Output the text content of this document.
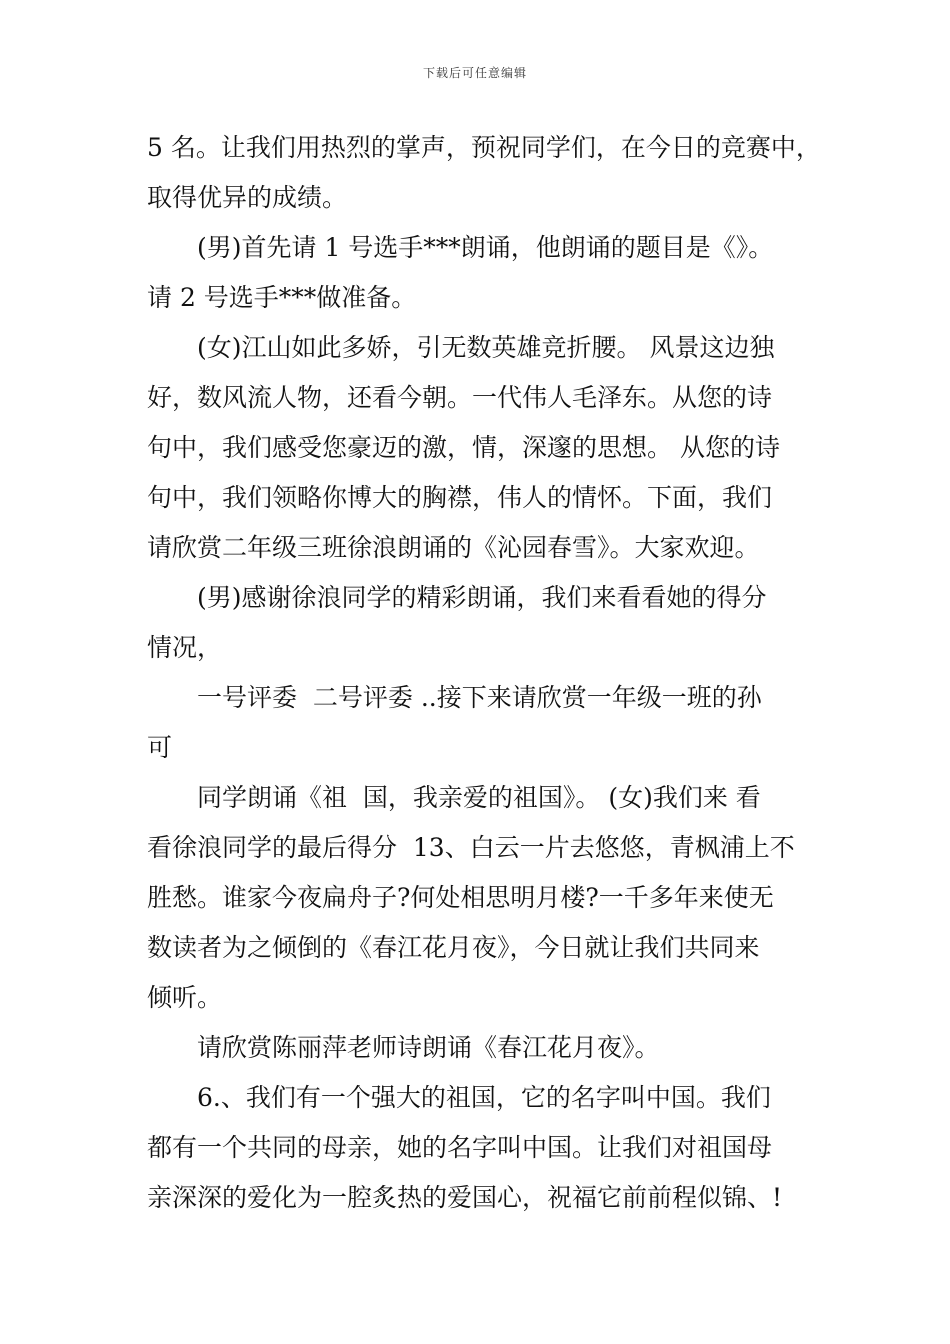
下载后可任意编辑
5 名。让我们用热烈的掌声，预祝同学们，在今日的竞赛中，
取得优异的成绩。
(男)首先请 1 号选手***朗诵，他朗诵的题目是《》。
请 2 号选手***做准备。
(女)江山如此多娇，引无数英雄竞折腰。 风景这边独
好，数风流人物，还看今朝。一代伟人毛泽东。从您的诗
句中，我们感受您豪迈的激，情，深邃的思想。 从您的诗
句中，我们领略你博大的胸襟，伟人的情怀。下面，我们
请欣赏二年级三班徐浪朗诵的《沁园春雪》。大家欢迎。
(男)感谢徐浪同学的精彩朗诵，我们来看看她的得分
情况，
一号评委  二号评委 ..接下来请欣赏一年级一班的孙
可
同学朗诵《祖  国，我亲爱的祖国》。 (女)我们来 看
看徐浪同学的最后得分  13、白云一片去悠悠，青枫浦上不
胜愁。谁家今夜扁舟子?何处相思明月楼?一千多年来使无
数读者为之倾倒的《春江花月夜》，今日就让我们共同来
倾听。
请欣赏陈丽萍老师诗朗诵《春江花月夜》。
6.、我们有一个强大的祖国，它的名字叫中国。我们
都有一个共同的母亲，她的名字叫中国。让我们对祖国母
亲深深的爱化为一腔炙热的爱国心，祝福它前前程似锦、!
